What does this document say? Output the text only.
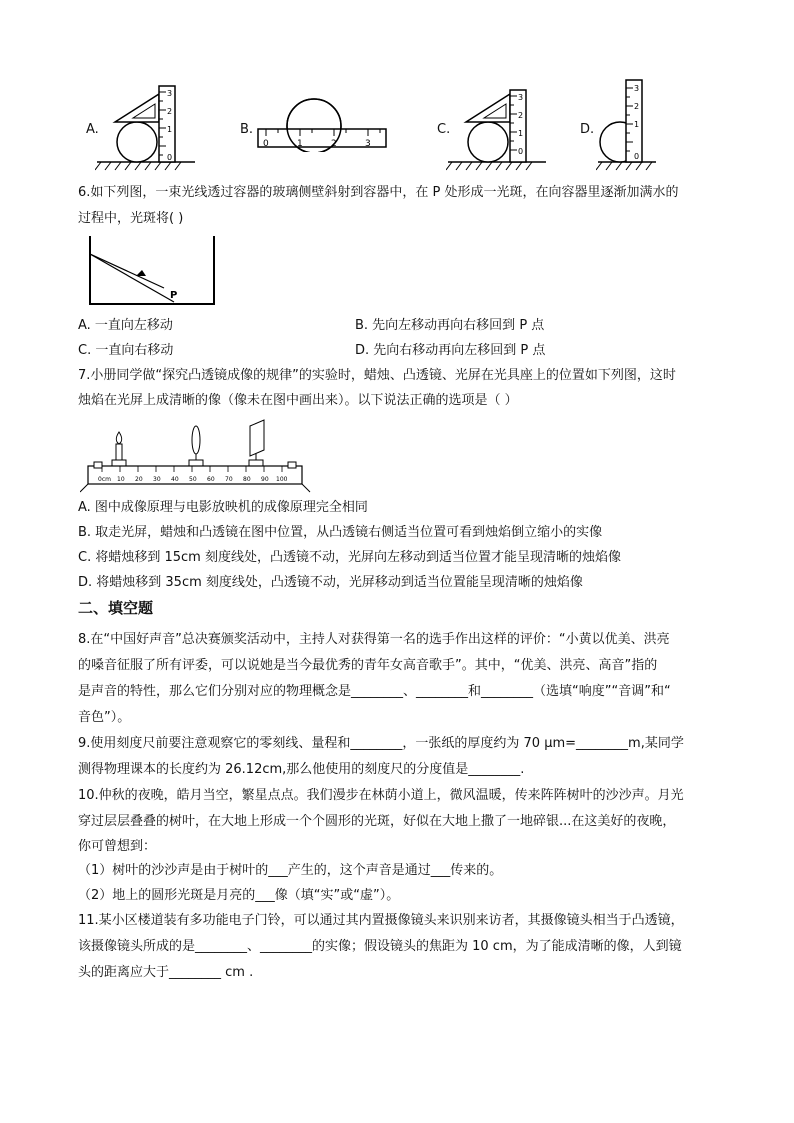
A.
3
2
1
0
B.
0	1	2	3
C.
3
2
1
0
D.
3
2
1
0
6.如下列图，一束光线透过容器的玻璃侧壁斜射到容器中，在 P 处形成一光斑，在向容器里逐渐加满水的
过程中，光斑将( )
P
A. 一直向左移动	B. 先向左移动再向右移回到 P 点
C. 一直向右移动	D. 先向右移动再向左移回到 P 点
7.小册同学做“探究凸透镜成像的规律”的实验时，蜡烛、凸透镜、光屏在光具座上的位置如下列图，这时
烛焰在光屏上成清晰的像（像未在图中画出来）。以下说法正确的选项是（ ）
0cm 10 20 30 40 50 60 70 80 90 100
A. 图中成像原理与电影放映机的成像原理完全相同
B. 取走光屏，蜡烛和凸透镜在图中位置，从凸透镜右侧适当位置可看到烛焰倒立缩小的实像
C. 将蜡烛移到 15cm 刻度线处，凸透镜不动，光屏向左移动到适当位置才能呈现清晰的烛焰像
D. 将蜡烛移到 35cm 刻度线处，凸透镜不动，光屏移动到适当位置能呈现清晰的烛焰像
二、填空题
8.在“中国好声音”总决赛颁奖活动中，主持人对获得第一名的选手作出这样的评价：“小黄以优美、洪亮
的嗓音征服了所有评委，可以说她是当今最优秀的青年女高音歌手”。其中，“优美、洪亮、高音”指的
是声音的特性，那么它们分别对应的物理概念是________、________和________（选填“响度”“音调”和“
音色”）。
9.使用刻度尺前要注意观察它的零刻线、量程和________，一张纸的厚度约为 70 μm=________m,某同学
测得物理课本的长度约为 26.12cm,那么他使用的刻度尺的分度值是________.
10.仲秋的夜晚，皓月当空，繁星点点。我们漫步在林荫小道上，微风温暖，传来阵阵树叶的沙沙声。月光
穿过层层叠叠的树叶，在大地上形成一个个圆形的光斑，好似在大地上撒了一地碎银...在这美好的夜晚，
你可曾想到：
（1）树叶的沙沙声是由于树叶的___产生的，这个声音是通过___传来的。
（2）地上的圆形光斑是月亮的___像（填“实”或“虚”）。
11.某小区楼道装有多功能电子门铃，可以通过其内置摄像镜头来识别来访者，其摄像镜头相当于凸透镜，
该摄像镜头所成的是________、________的实像；假设镜头的焦距为 10 cm，为了能成清晰的像，人到镜
头的距离应大于________ cm .
